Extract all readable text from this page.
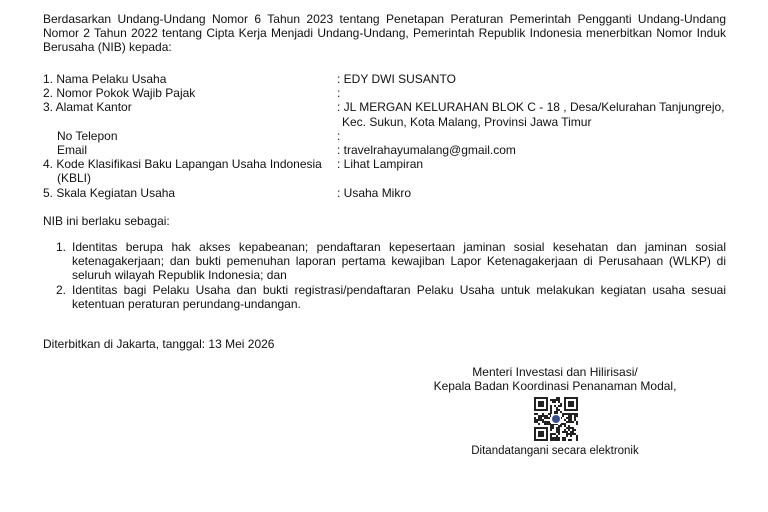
Berdasarkan Undang-Undang Nomor 6 Tahun 2023 tentang Penetapan Peraturan Pemerintah Pengganti Undang-Undang Nomor 2 Tahun 2022 tentang Cipta Kerja Menjadi Undang-Undang, Pemerintah Republik Indonesia menerbitkan Nomor Induk Berusaha (NIB) kepada:
1. Nama Pelaku Usaha	: EDY DWI SUSANTO
2. Nomor Pokok Wajib Pajak	:
3. Alamat Kantor	: JL MERGAN KELURAHAN BLOK C - 18 , Desa/Kelurahan Tanjungrejo,
Kec. Sukun, Kota Malang, Provinsi Jawa Timur
No Telepon	:
Email	: travelrahayumalang@gmail.com
4. Kode Klasifikasi Baku Lapangan Usaha Indonesia
(KBLI)
: Lihat Lampiran
5. Skala Kegiatan Usaha	: Usaha Mikro
NIB ini berlaku sebagai:
1. Identitas berupa hak akses kepabeanan; pendaftaran kepesertaan jaminan sosial kesehatan dan jaminan sosial ketenagakerjaan; dan bukti pemenuhan laporan pertama kewajiban Lapor Ketenagakerjaan di Perusahaan (WLKP) di seluruh wilayah Republik Indonesia; dan
2. Identitas bagi Pelaku Usaha dan bukti registrasi/pendaftaran Pelaku Usaha untuk melakukan kegiatan usaha sesuai ketentuan peraturan perundang-undangan.
Diterbitkan di Jakarta, tanggal: 13 Mei 2026
Menteri Investasi dan Hilirisasi/
Kepala Badan Koordinasi Penanaman Modal,
Ditandatangani secara elektronik
